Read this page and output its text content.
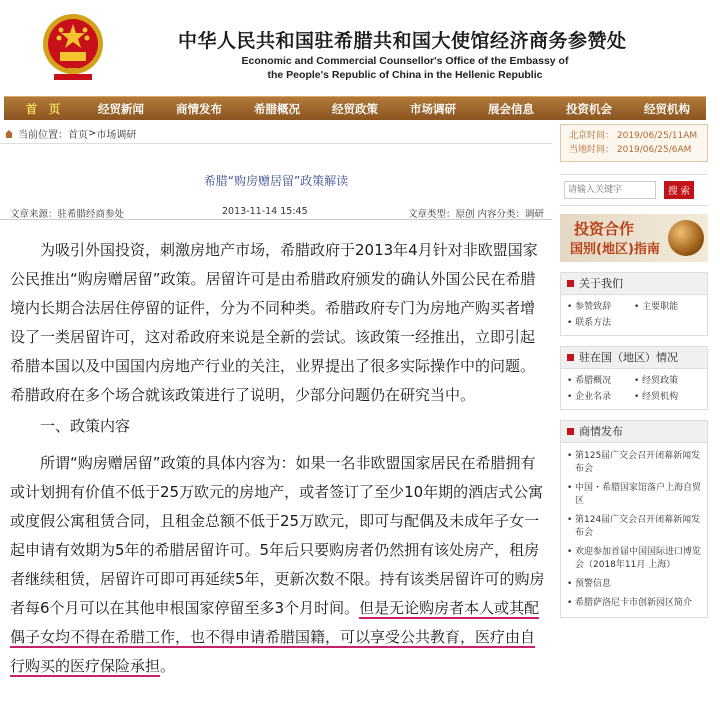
中华人民共和国驻希腊共和国大使馆经济商务参赞处
Economic and Commercial Counsellor's Office of the Embassy of
the People's Republic of China in the Hellenic Republic
首　页	经贸新闻	商情发布	希腊概况	经贸政策	市场调研	展会信息	投资机会	经贸机构
当前位置： 首页 > 市场调研
希腊“购房赠居留”政策解读
文章来源：驻希腊经商参处	2013-11-14 15:45	文章类型：原创 内容分类：调研

为吸引外国投资，刺激房地产市场，希腊政府于2013年4月针对非欧盟国家公民推出“购房赠居留”政策。居留许可是由希腊政府颁发的确认外国公民在希腊境内长期合法居住停留的证件，分为不同种类。希腊政府专门为房地产购买者增设了一类居留许可，这对希政府来说是全新的尝试。该政策一经推出，立即引起希腊本国以及中国国内房地产行业的关注，业界提出了很多实际操作中的问题。希腊政府在多个场合就该政策进行了说明，少部分问题仍在研究当中。

一、政策内容

所谓“购房赠居留”政策的具体内容为：如果一名非欧盟国家居民在希腊拥有或计划拥有价值不低于25万欧元的房地产，或者签订了至少10年期的酒店式公寓或度假公寓租赁合同，且租金总额不低于25万欧元，即可与配偶及未成年子女一起申请有效期为5年的希腊居留许可。5年后只要购房者仍然拥有该处房产，租房者继续租赁，居留许可即可再延续5年，更新次数不限。持有该类居留许可的购房者每6个月可以在其他申根国家停留至多3个月时间。但是无论购房者本人或其配偶子女均不得在希腊工作，也不得申请希腊国籍，可以享受公共教育，医疗由自行购买的医疗保险承担。

北京时间： 2019/06/25/11AM
当地时间： 2019/06/25/6AM
请输入关键字
搜 索
投资合作
国别(地区)指南
关于我们
• 参赞致辞	• 主要职能
• 联系方法
驻在国（地区）情况
• 希腊概况	• 经贸政策
• 企业名录	• 经贸机构
商情发布
• 第125届广交会召开闭幕新闻发布会
• 中国・希腊国家馆落户上海自贸区
• 第124届广交会召开闭幕新闻发布会
• 欢迎参加首届中国国际进口博览会（2018年11月 上海）
• 预警信息
• 希腊萨洛尼卡市创新园区简介
